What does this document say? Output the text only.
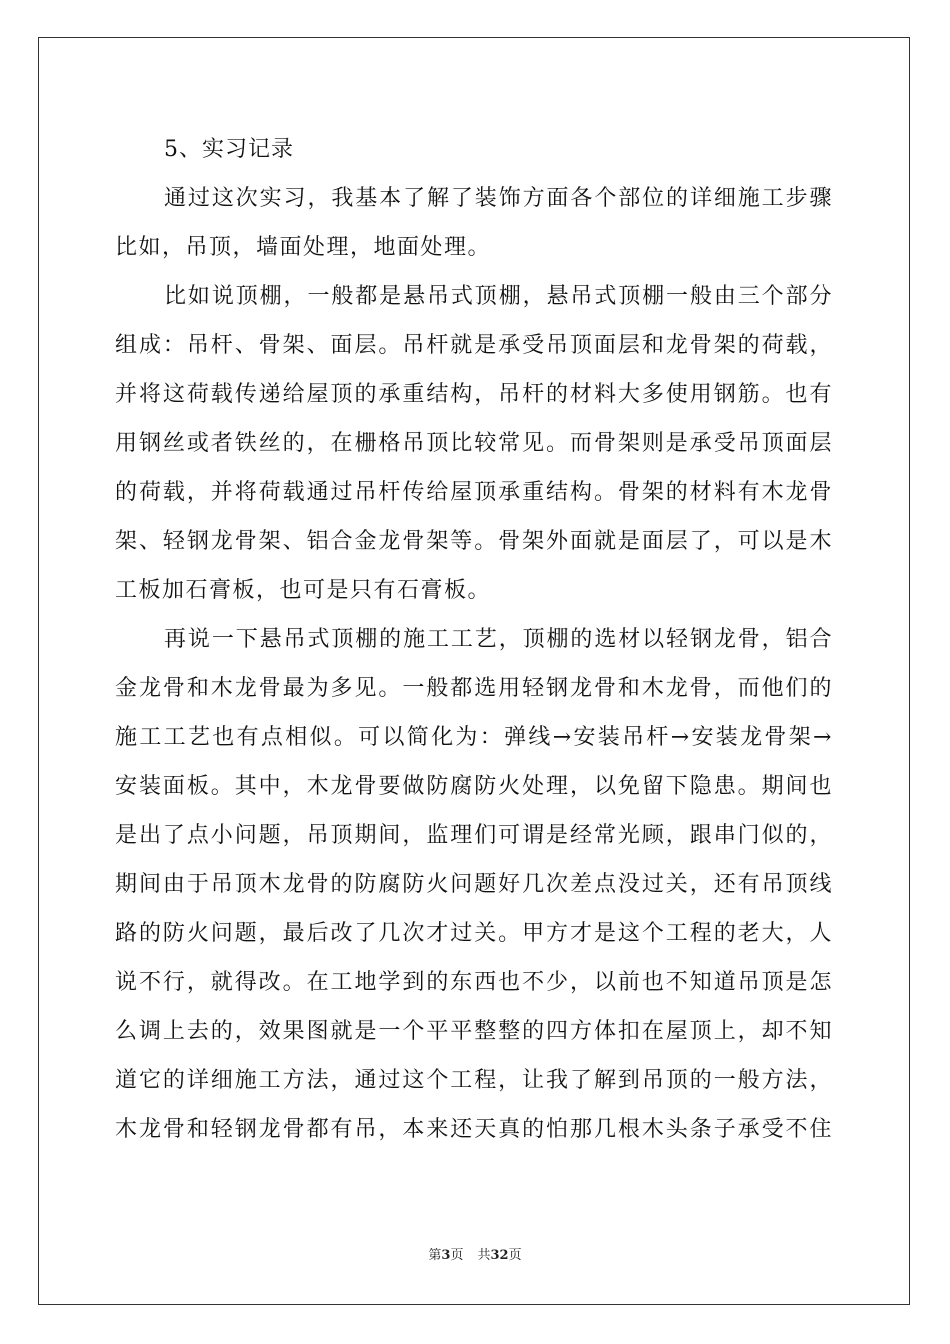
5、实习记录

通过这次实习，我基本了解了装饰方面各个部位的详细施工步骤

比如，吊顶，墙面处理，地面处理。

比如说顶棚，一般都是悬吊式顶棚，悬吊式顶棚一般由三个部分

组成：吊杆、骨架、面层。吊杆就是承受吊顶面层和龙骨架的荷载，

并将这荷载传递给屋顶的承重结构，吊杆的材料大多使用钢筋。也有

用钢丝或者铁丝的，在栅格吊顶比较常见。而骨架则是承受吊顶面层

的荷载，并将荷载通过吊杆传给屋顶承重结构。骨架的材料有木龙骨

架、轻钢龙骨架、铝合金龙骨架等。骨架外面就是面层了，可以是木

工板加石膏板，也可是只有石膏板。

再说一下悬吊式顶棚的施工工艺，顶棚的选材以轻钢龙骨，铝合

金龙骨和木龙骨最为多见。一般都选用轻钢龙骨和木龙骨，而他们的

施工工艺也有点相似。可以简化为：弹线→安装吊杆→安装龙骨架→

安装面板。其中，木龙骨要做防腐防火处理，以免留下隐患。期间也

是出了点小问题，吊顶期间，监理们可谓是经常光顾，跟串门似的，

期间由于吊顶木龙骨的防腐防火问题好几次差点没过关，还有吊顶线

路的防火问题，最后改了几次才过关。甲方才是这个工程的老大，人

说不行，就得改。在工地学到的东西也不少，以前也不知道吊顶是怎

么调上去的，效果图就是一个平平整整的四方体扣在屋顶上，却不知

道它的详细施工方法，通过这个工程，让我了解到吊顶的一般方法，

木龙骨和轻钢龙骨都有吊，本来还天真的怕那几根木头条子承受不住

第3页 共32页
